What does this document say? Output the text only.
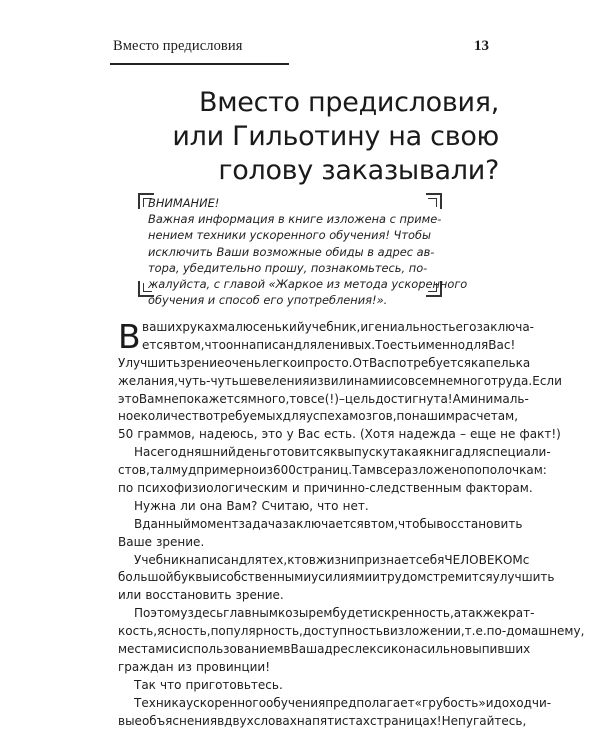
Вместо предисловия	13
Вместо предисловия,
или Гильотину на свою
голову заказывали?
ВНИМАНИЕ!
Важная информация в книге изложена с приме-
нением техники ускоренного обучения! Чтобы
исключить Ваши возможные обиды в адрес ав-
тора, убедительно прошу, познакомьтесь, по-
жалуйста, с главой «Жаркое из метода ускоренного
обучения и способ его употребления!».
В ваших руках малюсенький учебник, и гениальность его заключа-
ется в том, что он написан для ленивых. То есть именно для Вас!
Улучшить зрение очень легко и просто. От Вас потребуется капелька
желания, чуть-чуть шевеления извилинами и совсем немного труда. Если
это Вам не покажется много, то все (!) – цель достигнута! А минималь-
ное количество требуемых для успеха мозгов, по нашим расчетам,
50 граммов, надеюсь, это у Вас есть. (Хотя надежда – еще не факт!)
На сегодняшний день готовится к выпуску такая книга для специали-
стов, талмуд примерно из 600 страниц. Там все разложено по полочкам:
по психофизиологическим и причинно-следственным факторам.
Нужна ли она Вам? Считаю, что нет.
В данный момент задача заключается в том, чтобы восстановить
Ваше зрение.
Учебник написан для тех, кто в жизни признает себя ЧЕЛОВЕКОМ с
большой буквы и собственными усилиями и трудом стремится улучшить
или восстановить зрение.
Поэтому здесь главным козырем будет искренность, а также крат-
кость, ясность, популярность, доступность в изложении, т. е. по-домашнему,
местами с использованием в Ваш адрес лексикона сильно выпивших
граждан из провинции!
Так что приготовьтесь.
Техника ускоренного обучения предполагает «грубость» и доходчи-
вые объяснения в двух словах на пятистах страницах! Не пугайтесь,
